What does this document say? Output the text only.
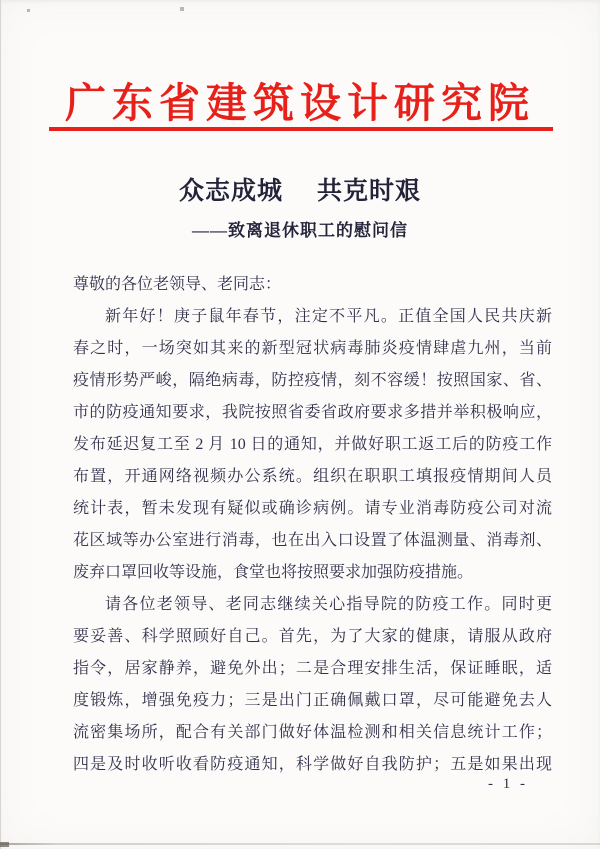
广东省建筑设计研究院
众志成城　 共克时艰
——致离退休职工的慰问信
尊敬的各位老领导、老同志：
新年好！庚子鼠年春节，注定不平凡。正值全国人民共庆新
春之时，一场突如其来的新型冠状病毒肺炎疫情肆虐九州，当前
疫情形势严峻，隔绝病毒，防控疫情，刻不容缓！按照国家、省、
市的防疫通知要求，我院按照省委省政府要求多措并举积极响应，
发布延迟复工至 2 月 10 日的通知，并做好职工返工后的防疫工作
布置，开通网络视频办公系统。组织在职职工填报疫情期间人员
统计表，暂未发现有疑似或确诊病例。请专业消毒防疫公司对流
花区域等办公室进行消毒，也在出入口设置了体温测量、消毒剂、
废弃口罩回收等设施，食堂也将按照要求加强防疫措施。
请各位老领导、老同志继续关心指导院的防疫工作。同时更
要妥善、科学照顾好自己。首先，为了大家的健康，请服从政府
指令，居家静养，避免外出；二是合理安排生活，保证睡眠，适
度锻炼，增强免疫力；三是出门正确佩戴口罩，尽可能避免去人
流密集场所，配合有关部门做好体温检测和相关信息统计工作；
四是及时收听收看防疫通知，科学做好自我防护；五是如果出现
- 1 -
